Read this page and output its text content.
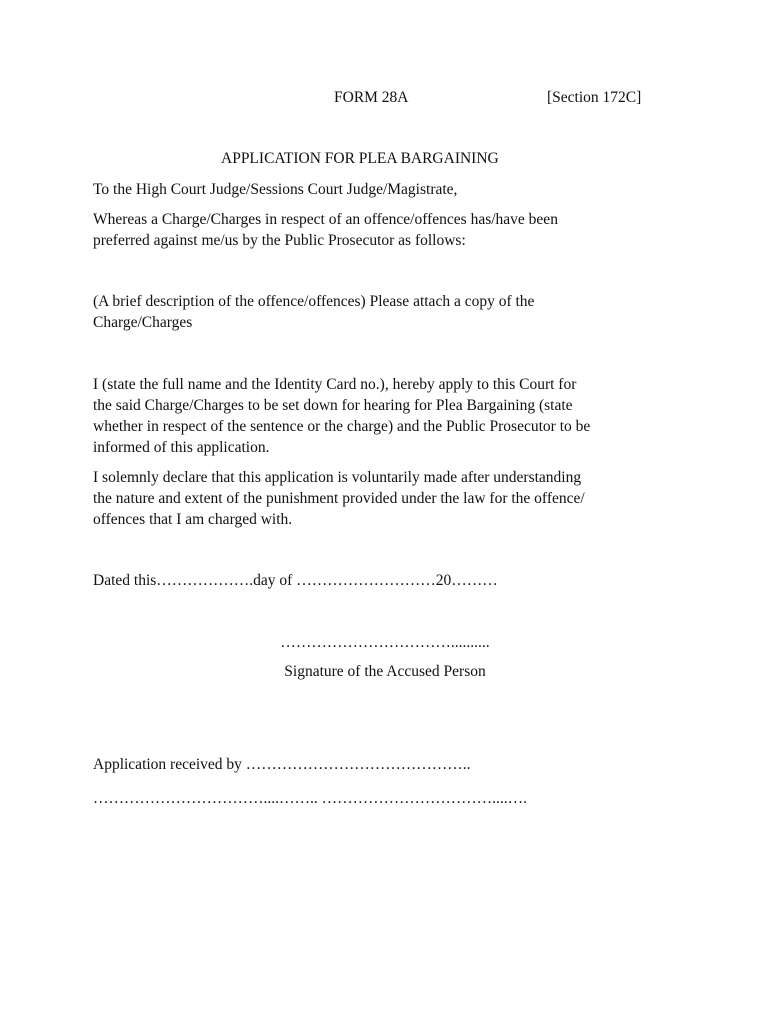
FORM 28A	[Section 172C]
APPLICATION FOR PLEA BARGAINING
To the High Court Judge/Sessions Court Judge/Magistrate,
Whereas a Charge/Charges in respect of an offence/offences has/have been
preferred against me/us by the Public Prosecutor as follows:
(A brief description of the offence/offences) Please attach a copy of the
Charge/Charges
I (state the full name and the Identity Card no.), hereby apply to this Court for
the said Charge/Charges to be set down for hearing for Plea Bargaining (state
whether in respect of the sentence or the charge) and the Public Prosecutor to be
informed of this application.
I solemnly declare that this application is voluntarily made after understanding
the nature and extent of the punishment provided under the law for the offence/
offences that I am charged with.
Dated this……………….day of ………………………20………
……………………………..........
Signature of the Accused Person
Application received by ……………………………………..
……………………………....…….. ……………………………....….
